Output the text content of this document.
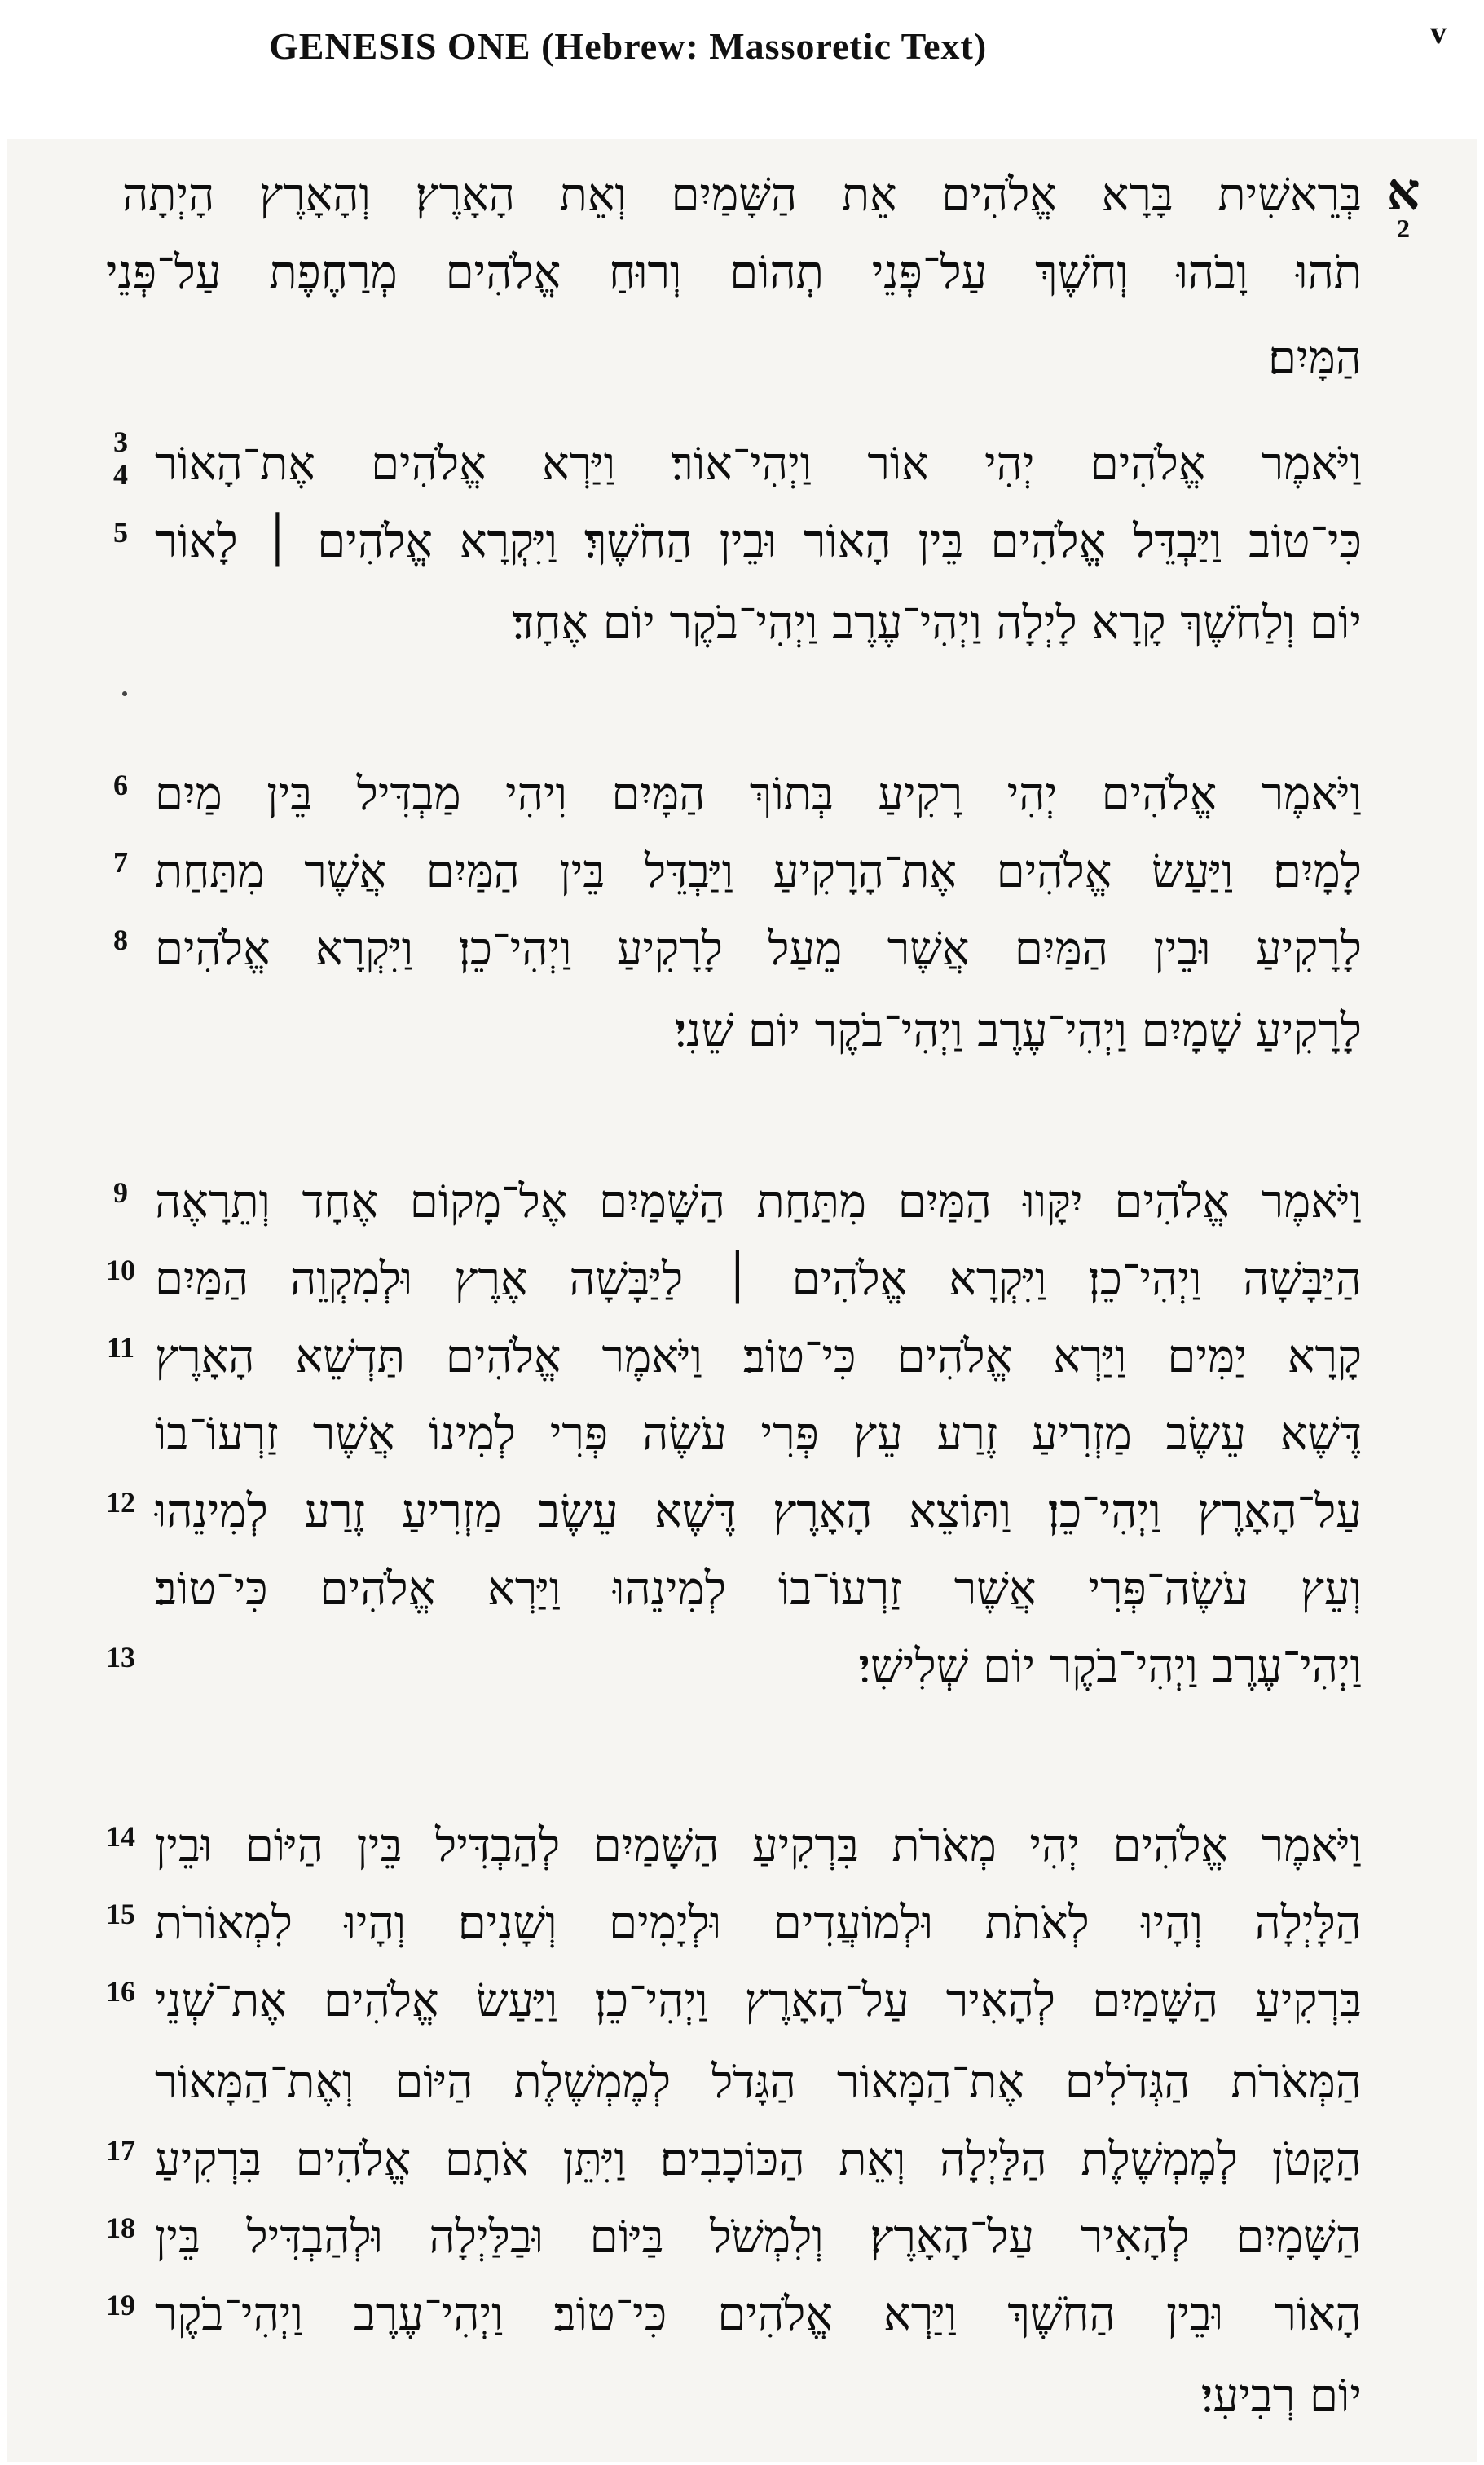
GENESIS ONE (Hebrew: Massoretic Text)	v
א
2
בְּרֵאשִׁית בָּרָא אֱלֹהִים אֵת הַשָּׁמַיִם וְאֵת הָאָרֶץ׃ וְהָאָרֶץ הָיְתָה
תֹהוּ וָבֹהוּ וְחֹשֶׁךְ עַל־פְּנֵי תְהוֹם וְרוּחַ אֱלֹהִים מְרַחֶפֶת עַל־פְּנֵי
הַמָּיִם׃
3
4 וַיֹּאמֶר אֱלֹהִים יְהִי אוֹר וַיְהִי־אוֹר׃ וַיַּרְא אֱלֹהִים אֶת־הָאוֹר
5 כִּי־טוֹב וַיַּבְדֵּל אֱלֹהִים בֵּין הָאוֹר וּבֵין הַחֹשֶׁךְ׃ וַיִּקְרָא אֱלֹהִים ׀ לָאוֹר
יוֹם וְלַחֹשֶׁךְ קָרָא לָיְלָה וַיְהִי־עֶרֶב וַיְהִי־בֹקֶר יוֹם אֶחָד׃
6 וַיֹּאמֶר אֱלֹהִים יְהִי רָקִיעַ בְּתוֹךְ הַמָּיִם וִיהִי מַבְדִּיל בֵּין מַיִם
7 לָמָיִם׃ וַיַּעַשׂ אֱלֹהִים אֶת־הָרָקִיעַ וַיַּבְדֵּל בֵּין הַמַּיִם אֲשֶׁר מִתַּחַת
8 לָרָקִיעַ וּבֵין הַמַּיִם אֲשֶׁר מֵעַל לָרָקִיעַ וַיְהִי־כֵן׃ וַיִּקְרָא אֱלֹהִים
לָרָקִיעַ שָׁמָיִם וַיְהִי־עֶרֶב וַיְהִי־בֹקֶר יוֹם שֵׁנִי׃
9 וַיֹּאמֶר אֱלֹהִים יִקָּווּ הַמַּיִם מִתַּחַת הַשָּׁמַיִם אֶל־מָקוֹם אֶחָד וְתֵרָאֶה
10 הַיַּבָּשָׁה וַיְהִי־כֵן׃ וַיִּקְרָא אֱלֹהִים ׀ לַיַּבָּשָׁה אֶרֶץ וּלְמִקְוֵה הַמַּיִם
11 קָרָא יַמִּים וַיַּרְא אֱלֹהִים כִּי־טוֹב׃ וַיֹּאמֶר אֱלֹהִים תַּדְשֵׁא הָאָרֶץ
דֶּשֶׁא עֵשֶׂב מַזְרִיעַ זֶרַע עֵץ פְּרִי עֹשֶׂה פְּרִי לְמִינוֹ אֲשֶׁר זַרְעוֹ־בוֹ
12 עַל־הָאָרֶץ וַיְהִי־כֵן׃ וַתּוֹצֵא הָאָרֶץ דֶּשֶׁא עֵשֶׂב מַזְרִיעַ זֶרַע לְמִינֵהוּ
וְעֵץ עֹשֶׂה־פְּרִי אֲשֶׁר זַרְעוֹ־בוֹ לְמִינֵהוּ וַיַּרְא אֱלֹהִים כִּי־טוֹב׃
13	וַיְהִי־עֶרֶב וַיְהִי־בֹקֶר יוֹם שְׁלִישִׁי׃
14 וַיֹּאמֶר אֱלֹהִים יְהִי מְאֹרֹת בִּרְקִיעַ הַשָּׁמַיִם לְהַבְדִּיל בֵּין הַיּוֹם וּבֵין
15 הַלָּיְלָה וְהָיוּ לְאֹתֹת וּלְמוֹעֲדִים וּלְיָמִים וְשָׁנִים׃ וְהָיוּ לִמְאוֹרֹת
16 בִּרְקִיעַ הַשָּׁמַיִם לְהָאִיר עַל־הָאָרֶץ וַיְהִי־כֵן׃ וַיַּעַשׂ אֱלֹהִים אֶת־שְׁנֵי
הַמְּאֹרֹת הַגְּדֹלִים אֶת־הַמָּאוֹר הַגָּדֹל לְמֶמְשֶׁלֶת הַיּוֹם וְאֶת־הַמָּאוֹר
17 הַקָּטֹן לְמֶמְשֶׁלֶת הַלַּיְלָה וְאֵת הַכּוֹכָבִים׃ וַיִּתֵּן אֹתָם אֱלֹהִים בִּרְקִיעַ
18 הַשָּׁמָיִם לְהָאִיר עַל־הָאָרֶץ׃ וְלִמְשֹׁל בַּיּוֹם וּבַלַּיְלָה וּלְהַבְדִּיל בֵּין
19 הָאוֹר וּבֵין הַחֹשֶׁךְ וַיַּרְא אֱלֹהִים כִּי־טוֹב׃ וַיְהִי־עֶרֶב וַיְהִי־בֹקֶר
יוֹם רְבִיעִי׃
